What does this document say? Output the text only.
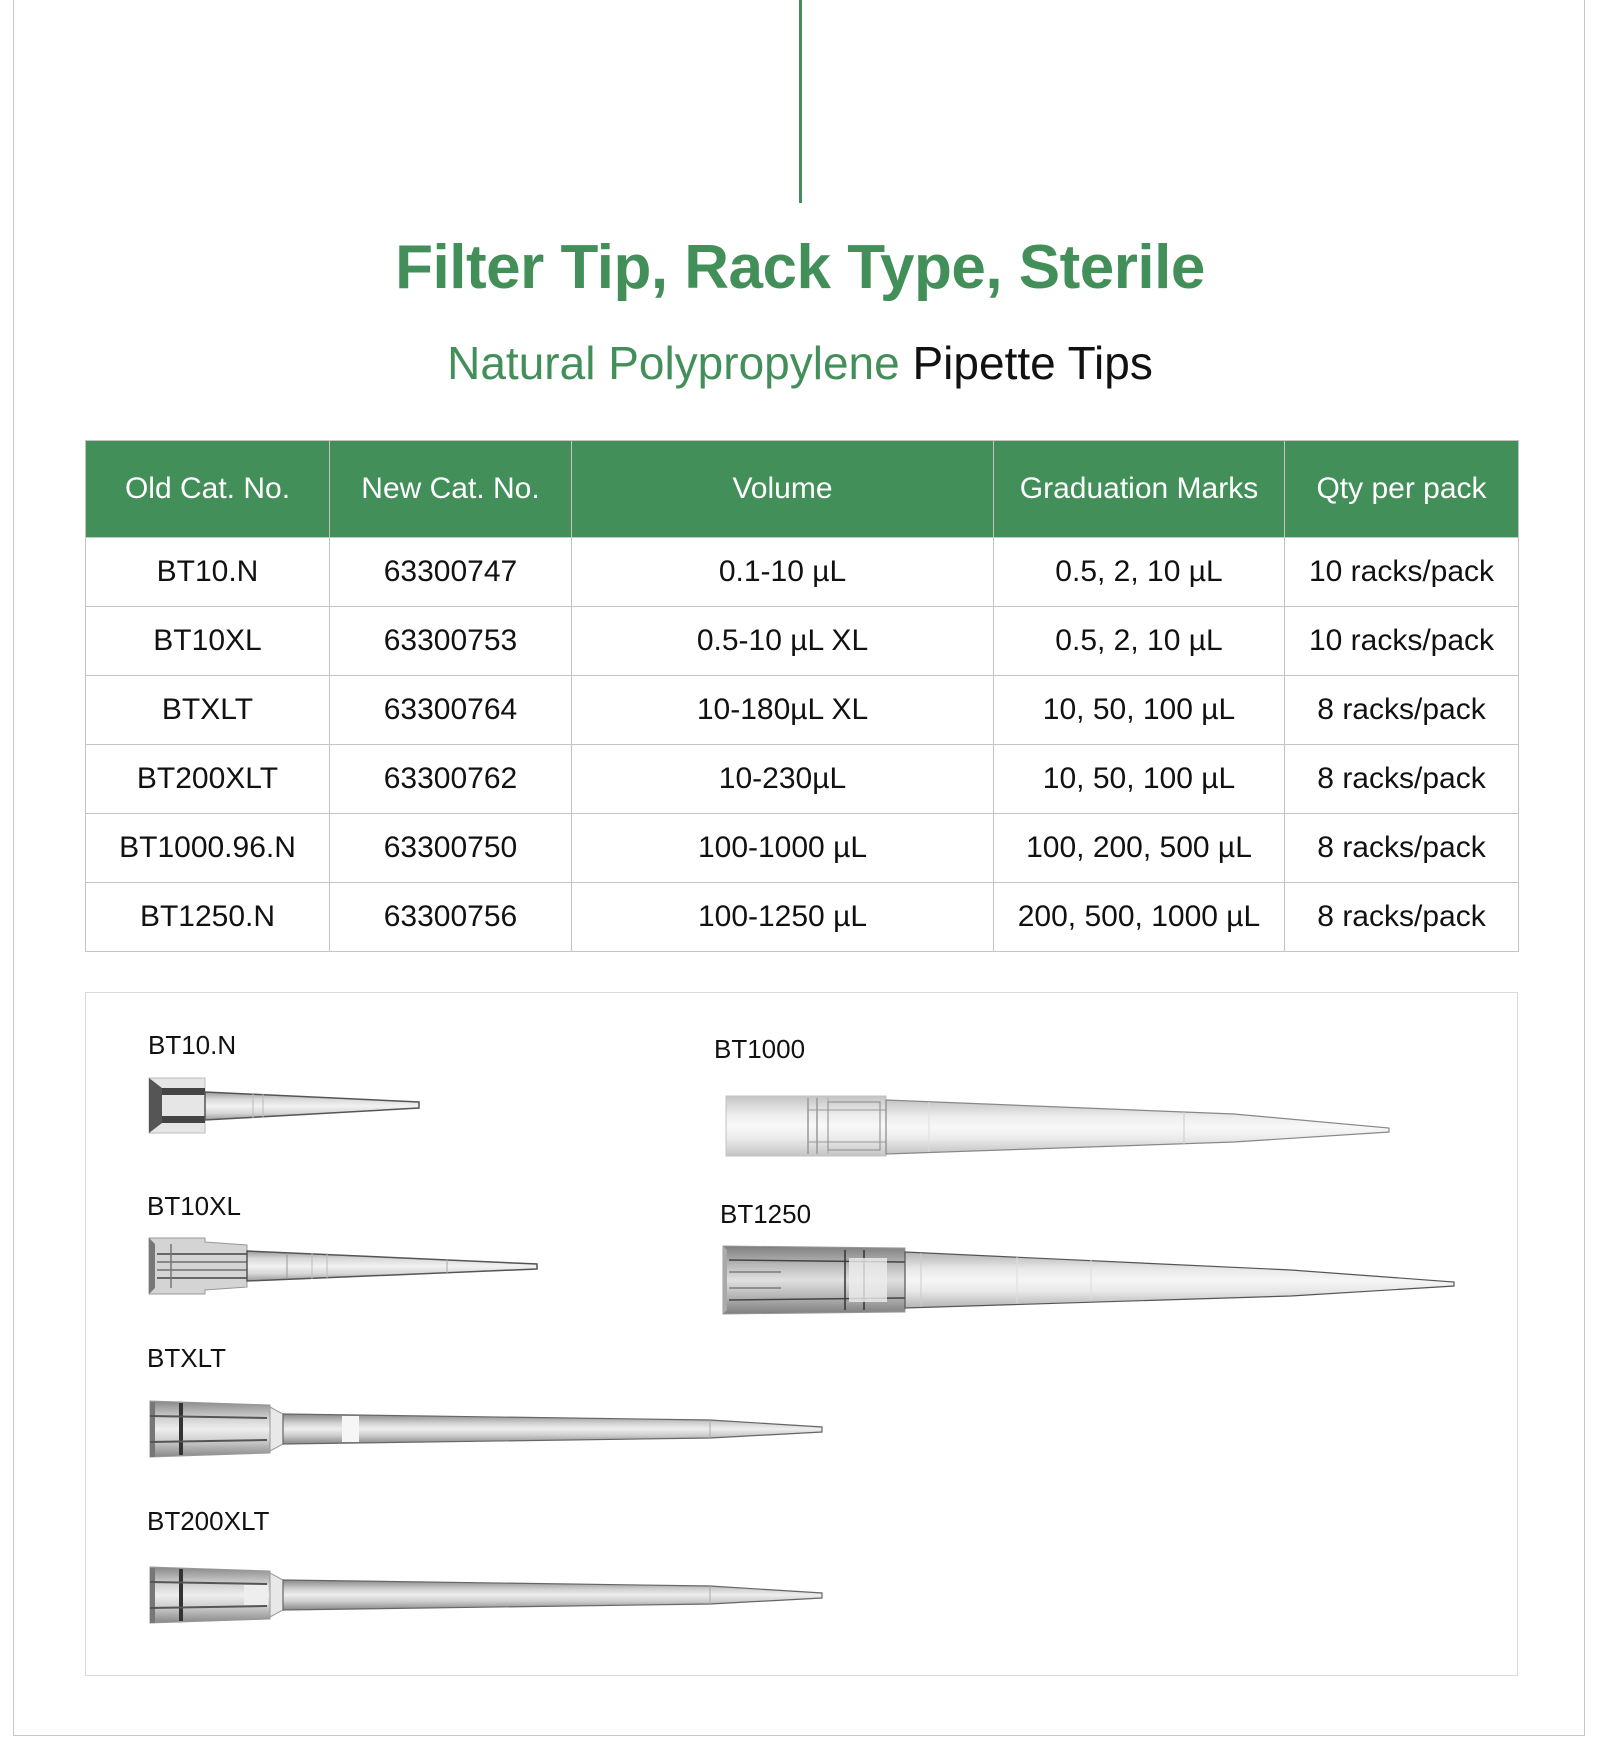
Filter Tip, Rack Type, Sterile
Natural Polypropylene Pipette Tips
Old Cat. No.	New Cat. No.	Volume	Graduation Marks	Qty per pack
BT10.N	63300747	0.1-10 µL	0.5, 2, 10 µL	10 racks/pack
BT10XL	63300753	0.5-10 µL XL	0.5, 2, 10 µL	10 racks/pack
BTXLT	63300764	10-180µL XL	10, 50, 100 µL	8 racks/pack
BT200XLT	63300762	10-230µL	10, 50, 100 µL	8 racks/pack
BT1000.96.N	63300750	100-1000 µL	100, 200, 500 µL	8 racks/pack
BT1250.N	63300756	100-1250 µL	200, 500, 1000 µL	8 racks/pack
BT10.N
BT10XL
BTXLT
BT200XLT
BT1000
BT1250
